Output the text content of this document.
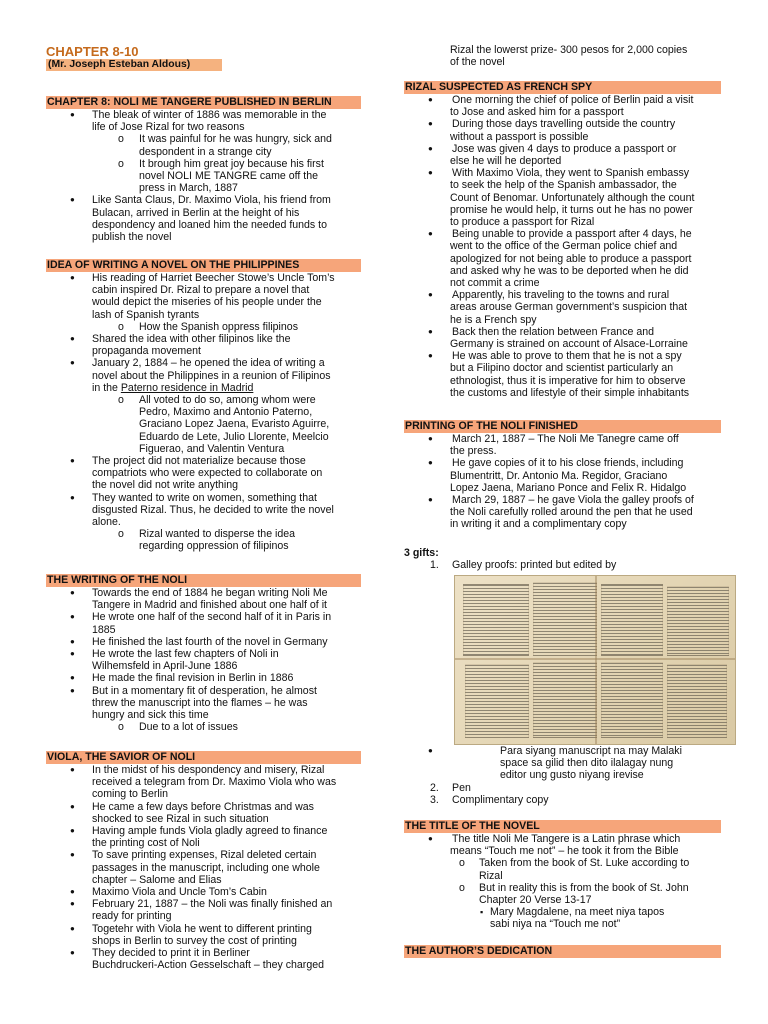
CHAPTER 8-10
(Mr. Joseph Esteban Aldous)
CHAPTER 8: NOLI ME TANGERE PUBLISHED IN BERLIN
● The bleak of winter of 1886 was memorable in the
life of Jose Rizal for two reasons
o It was painful for he was hungry, sick and
despondent in a strange city
o It brough him great joy because his first
novel NOLI ME TANGRE came off the
press in March, 1887
● Like Santa Claus, Dr. Maximo Viola, his friend from
Bulacan, arrived in Berlin at the height of his
despondency and loaned him the needed funds to
publish the novel
IDEA OF WRITING A NOVEL ON THE PHILIPPINES
● His reading of Harriet Beecher Stowe’s Uncle Tom’s
cabin inspired Dr. Rizal to prepare a novel that
would depict the miseries of his people under the
lash of Spanish tyrants
o How the Spanish oppress filipinos
● Shared the idea with other filipinos like the
propaganda movement
● January 2, 1884 – he opened the idea of writing a
novel about the Philippines in a reunion of Filipinos
in the Paterno residence in Madrid
o All voted to do so, among whom were
Pedro, Maximo and Antonio Paterno,
Graciano Lopez Jaena, Evaristo Aguirre,
Eduardo de Lete, Julio Llorente, Meelcio
Figuerao, and Valentin Ventura
● The project did not materialize because those
compatriots who were expected to collaborate on
the novel did not write anything
● They wanted to write on women, something that
disgusted Rizal. Thus, he decided to write the novel
alone.
o Rizal wanted to disperse the idea
regarding oppression of filipinos
THE WRITING OF THE NOLI
● Towards the end of 1884 he began writing Noli Me
Tangere in Madrid and finished about one half of it
● He wrote one half of the second half of it in Paris in
1885
● He finished the last fourth of the novel in Germany
● He wrote the last few chapters of Noli in
Wilhemsfeld in April-June 1886
● He made the final revision in Berlin in 1886
● But in a momentary fit of desperation, he almost
threw the manuscript into the flames – he was
hungry and sick this time
o Due to a lot of issues
VIOLA, THE SAVIOR OF NOLI
● In the midst of his despondency and misery, Rizal
received a telegram from Dr. Maximo Viola who was
coming to Berlin
● He came a few days before Christmas and was
shocked to see Rizal in such situation
● Having ample funds Viola gladly agreed to finance
the printing cost of Noli
● To save printing expenses, Rizal deleted certain
passages in the manuscript, including one whole
chapter – Salome and Elias
● Maximo Viola and Uncle Tom’s Cabin
● February 21, 1887 – the Noli was finally finished an
ready for printing
● Togetehr with Viola he went to different printing
shops in Berlin to survey the cost of printing
● They decided to print it in Berliner
Buchdruckeri-Action Gesselschaft – they charged
Rizal the lowerst prize- 300 pesos for 2,000 copies
of the novel
RIZAL SUSPECTED AS FRENCH SPY
● One morning the chief of police of Berlin paid a visit
to Jose and asked him for a passport
● During those days travelling outside the country
without a passport is possible
● Jose was given 4 days to produce a passport or
else he will he deported
● With Maximo Viola, they went to Spanish embassy
to seek the help of the Spanish ambassador, the
Count of Benomar. Unfortunately although the count
promise he would help, it turns out he has no power
to produce a passport for Rizal
● Being unable to provide a passport after 4 days, he
went to the office of the German police chief and
apologized for not being able to produce a passport
and asked why he was to be deported when he did
not commit a crime
● Apparently, his traveling to the towns and rural
areas arouse German government’s suspicion that
he is a French spy
● Back then the relation between France and
Germany is strained on account of Alsace-Lorraine
● He was able to prove to them that he is not a spy
but a Filipino doctor and scientist particularly an
ethnologist, thus it is imperative for him to observe
the customs and lifestyle of their simple inhabitants
PRINTING OF THE NOLI FINISHED
● March 21, 1887 – The Noli Me Tanegre came off
the press.
● He gave copies of it to his close friends, including
Blumentritt, Dr. Antonio Ma. Regidor, Graciano
Lopez Jaena, Mariano Ponce and Felix R. Hidalgo
● March 29, 1887 – he gave Viola the galley proofs of
the Noli carefully rolled around the pen that he used
in writing it and a complimentary copy
3 gifts:
1. Galley proofs: printed but edited by
● Para siyang manuscript na may Malaki
space sa gilid then dito ilalagay nung
editor ung gusto niyang irevise
2. Pen
3. Complimentary copy
THE TITLE OF THE NOVEL
● The title Noli Me Tangere is a Latin phrase which
means “Touch me not” – he took it from the Bible
o Taken from the book of St. Luke according to
Rizal
o But in reality this is from the book of St. John
Chapter 20 Verse 13-17
▪ Mary Magdalene, na meet niya tapos
sabi niya na “Touch me not”
THE AUTHOR’S DEDICATION
